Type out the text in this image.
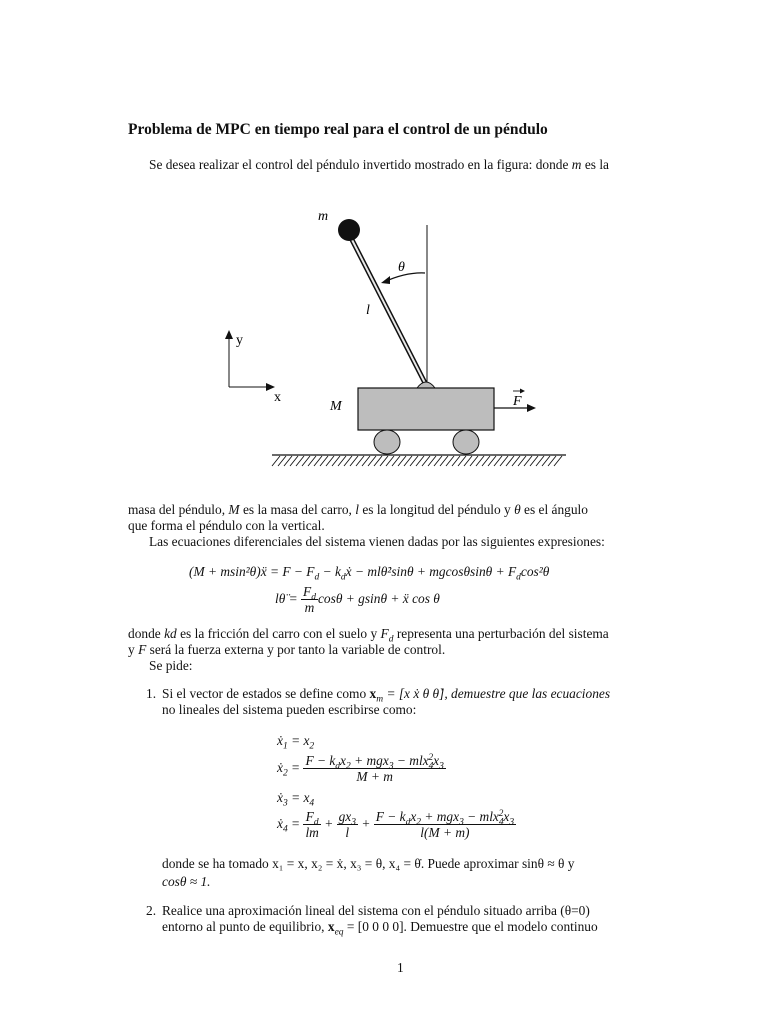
Problema de MPC en tiempo real para el control de un péndulo
Se desea realizar el control del péndulo invertido mostrado en la figura: donde m es la
m
θ
l
y
x
M	F
masa del péndulo, M es la masa del carro, l es la longitud del péndulo y θ es el ángulo
que forma el péndulo con la vertical.
Las ecuaciones diferenciales del sistema vienen dadas por las siguientes expresiones:
(M + msin²θ)ẍ = $F - F_d$ − $k_dẋ$ − mlθ̇²sinθ + $mgcos\theta\sin\theta + F_d\cos^2\theta$
lθ̈ = $\frac{F_d}{m}$ cosθ + gsinθ + ẍ cos θ
donde kd es la fricción del carro con el suelo y $F_d$ representa una perturbación del sistema
y F será la fuerza externa y por tanto la variable de control.
Se pide:
1. Si el vector de estados se define como $x_m = [x$ ẋ θ θ̇], demuestre que las ecuaciones
no lineales del sistema pueden escribirse como:
ẋ$_1$ = $x_2$
ẋ$_2$ = $\frac{F - k_dx_2 + mgx_3 - mlx_4^2x_3}{M + m}$
ẋ$_3$ = $x_4$
ẋ$_4$ = $\frac{F_d}{lm} + \frac{gx_3}{l} + \frac{F - k_dx_2 + mgx_3 - mlx_4^2x_3}{l(M + m)}$
donde se ha tomado x₁ = x, x₂ = ẋ, x₃ = θ, x₄ = θ̇. Puede aproximar sinθ ≈ θ y
cosθ ≈ 1.
2. Realice una aproximación lineal del sistema con el péndulo situado arriba (θ=0)
entorno al punto de equilibrio, $x_{eq} = [0$ 0 0 0]. Demuestre que el modelo continuo
1
